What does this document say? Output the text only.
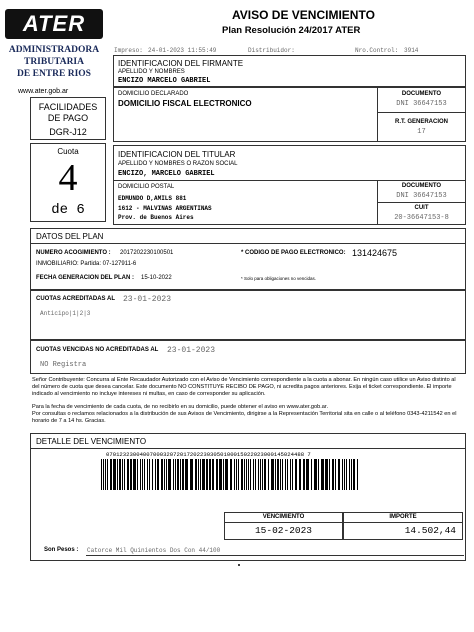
ATER
ADMINISTRADORA
TRIBUTARIA
DE ENTRE RIOS
www.ater.gob.ar
AVISO DE VENCIMIENTO
Plan Resolución 24/2017 ATER
Impreso: 24-01-2023 11:55:49	Distribuidor:	Nro.Control: 3914
IDENTIFICACION DEL FIRMANTE
APELLIDO Y NOMBRES
ENCIZO MARCELO GABRIEL
DOMICILIO DECLARADO
DOMICILIO FISCAL ELECTRONICO
DOCUMENTO
DNI 36647153
R.T. GENERACION
17
FACILIDADES DE PAGO
DGR-J12
Cuota
4
de 6
IDENTIFICACION DEL TITULAR
APELLIDO Y NOMBRES O RAZON SOCIAL
ENCIZO, MARCELO GABRIEL
DOMICILIO POSTAL
EDMUNDO D,AMILS 881
1612 - MALVINAS ARGENTINAS
Prov. de Buenos Aires
DOCUMENTO
DNI 36647153
CUIT
20-36647153-8
DATOS DEL PLAN
NUMERO ACOGIMIENTO : 2017202230100501
INMOBILIARIO: Partida: 07-127911-6
FECHA GENERACION DEL PLAN : 15-10-2022
* CODIGO DE PAGO ELECTRONICO: 131424675
* Solo para obligaciones no vencidas.
CUOTAS ACREDITADAS AL 23-01-2023
Anticipo|1|2|3
CUOTAS VENCIDAS NO ACREDITADAS AL 23-01-2023
NO Registra
Señor Contribuyente: Concurra al Ente Recaudador Autorizado con el Aviso de Vencimiento correspondiente a la cuota a abonar. En ningún caso utilice un Aviso distinto al del número de cuota que desea cancelar. Este documento NO CONSTITUYE RECIBO DE PAGO, ni acredita pagos anteriores. Exija el ticket correspondiente. El importe indicado al vencimiento no incluye intereses ni multas, en caso de corresponder su aplicación.
Para la fecha de vencimiento de cada cuota, de no recibirlo en su domicilio, puede obtener el aviso en www.ater.gob.ar.
Por consultas o reclamos relacionados a la distribución de sus Avisos de Vencimiento, dirigirse a la Representación Territorial sita en calle o al teléfono 0343-4211542 en el horario de 7 a 14 hs. Gracias.
DETALLE DEL VENCIMIENTO
07012323004007000320720172022303050100015022023000145024488 7
VENCIMIENTO
15-02-2023
IMPORTE
14.502,44
Son Pesos : Catorce Mil Quinientos Dos Con 44/100
